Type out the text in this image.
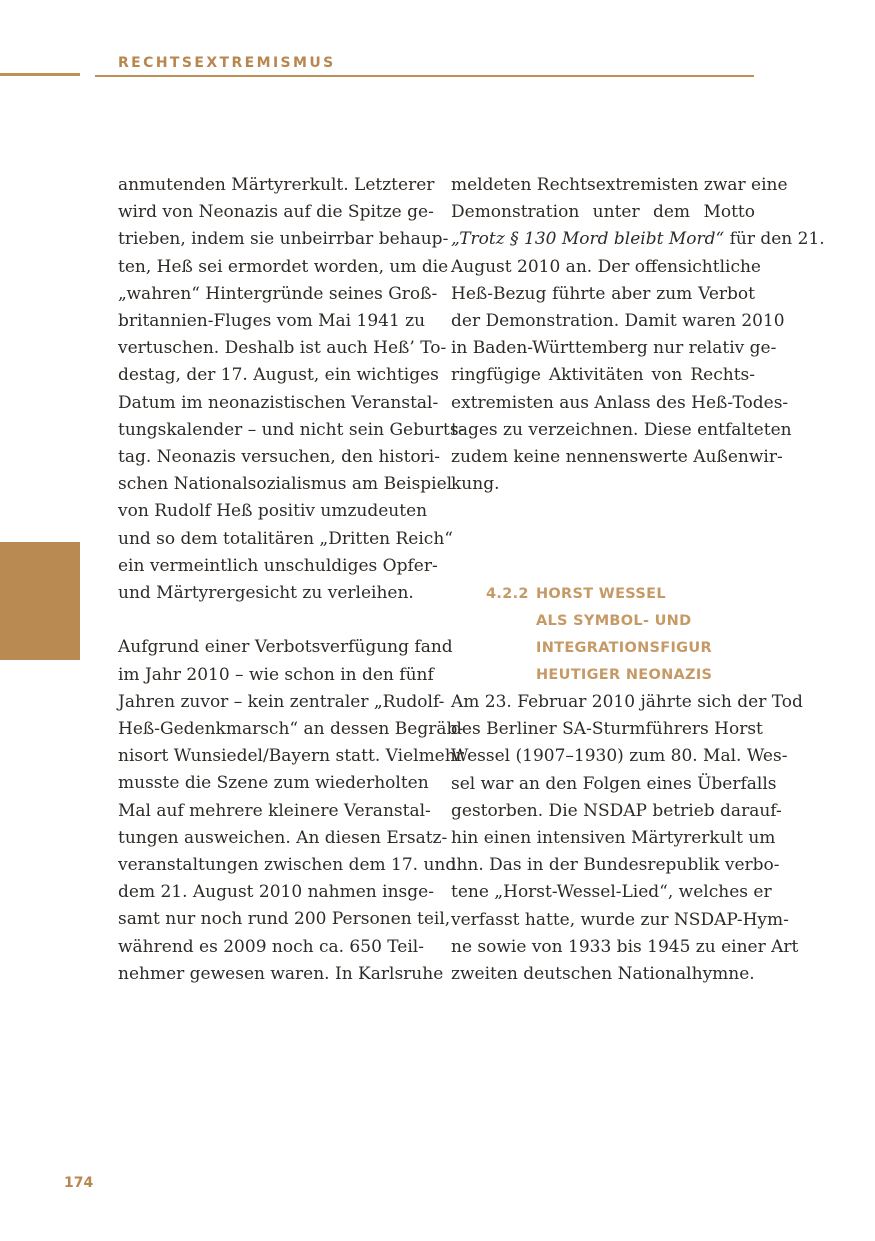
RECHTSEXTREMISMUS
anmutenden Märtyrerkult. Letzterer
wird von Neonazis auf die Spitze ge-
trieben, indem sie unbeirrbar behaup-
ten, Heß sei ermordet worden, um die
„wahren“ Hintergründe seines Groß-
britannien-Fluges vom Mai 1941 zu
vertuschen. Deshalb ist auch Heß’ To-
destag, der 17. August, ein wichtiges
Datum im neonazistischen Veranstal-
tungskalender – und nicht sein Geburts-
tag. Neonazis versuchen, den histori-
schen Nationalsozialismus am Beispiel
von Rudolf Heß positiv umzudeuten
und so dem totalitären „Dritten Reich“
ein vermeintlich unschuldiges Opfer-
und Märtyrergesicht zu verleihen.
Aufgrund einer Verbotsverfügung fand
im Jahr 2010 – wie schon in den fünf
Jahren zuvor – kein zentraler „Rudolf-
Heß-Gedenkmarsch“ an dessen Begräb-
nisort Wunsiedel/Bayern statt. Vielmehr
musste die Szene zum wiederholten
Mal auf mehrere kleinere Veranstal-
tungen ausweichen. An diesen Ersatz-
veranstaltungen zwischen dem 17. und
dem 21. August 2010 nahmen insge-
samt nur noch rund 200 Personen teil,
während es 2009 noch ca. 650 Teil-
nehmer gewesen waren. In Karlsruhe
meldeten Rechtsextremisten zwar eine
Demonstration unter dem Motto
„Trotz § 130 Mord bleibt Mord“ für den 21.
August 2010 an. Der offensichtliche
Heß-Bezug führte aber zum Verbot
der Demonstration. Damit waren 2010
in Baden-Württemberg nur relativ ge-
ringfügige Aktivitäten von Rechts-
extremisten aus Anlass des Heß-Todes-
tages zu verzeichnen. Diese entfalteten
zudem keine nennenswerte Außenwir-
kung.
4.2.2 HORST WESSEL
ALS SYMBOL- UND
INTEGRATIONSFIGUR
HEUTIGER NEONAZIS
Am 23. Februar 2010 jährte sich der Tod
des Berliner SA-Sturmführers Horst
Wessel (1907–1930) zum 80. Mal. Wes-
sel war an den Folgen eines Überfalls
gestorben. Die NSDAP betrieb darauf-
hin einen intensiven Märtyrerkult um
ihn. Das in der Bundesrepublik verbo-
tene „Horst-Wessel-Lied“, welches er
verfasst hatte, wurde zur NSDAP-Hym-
ne sowie von 1933 bis 1945 zu einer Art
zweiten deutschen Nationalhymne.
174
